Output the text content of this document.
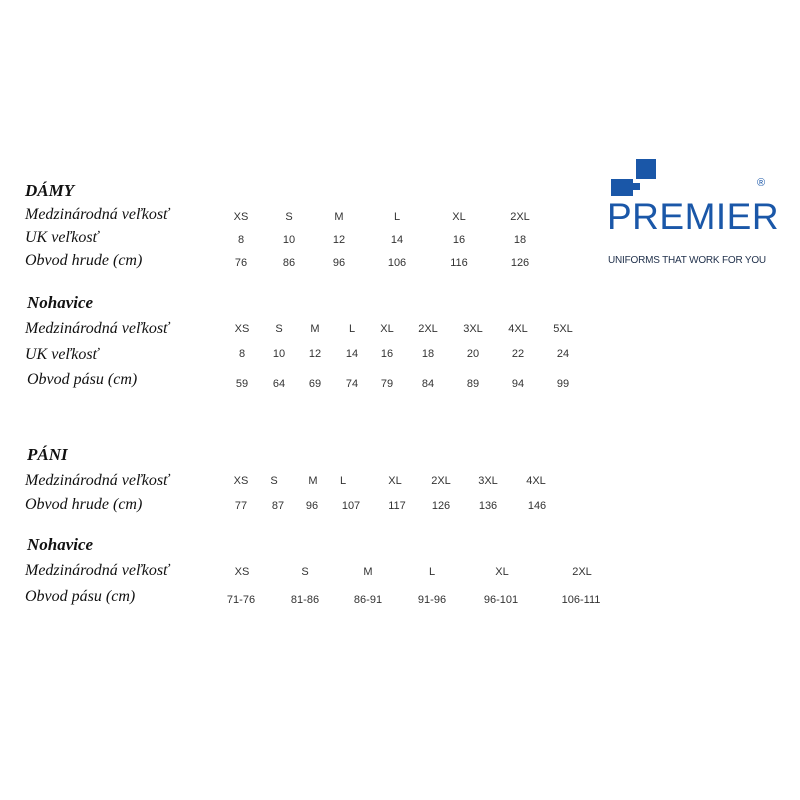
®
PREMIER
UNIFORMS THAT WORK FOR YOU
DÁMY
Medzinárodná veľkosť	XS	S	M	L	XL	2XL
UK veľkosť	8	10	12	14	16	18
Obvod hrude (cm)	76	86	96	106	116	126
Nohavice
Medzinárodná veľkosť	XS S	M	L XL 2XL 3XL 4XL 5XL
UK veľkosť	8	10 12 14 16	18	20	22	24
Obvod pásu (cm)	59 64 69 74 79	84	89	94	99
PÁNI
Medzinárodná veľkosť	XS S	M L	XL	2XL 3XL	4XL
Obvod hrude (cm)	77 87 96 107	117 126	136	146
Nohavice
Medzinárodná veľkosť	XS	S	M	L	XL	2XL
Obvod pásu (cm)	71-76	81-86	86-91	91-96	96-101	106-111
